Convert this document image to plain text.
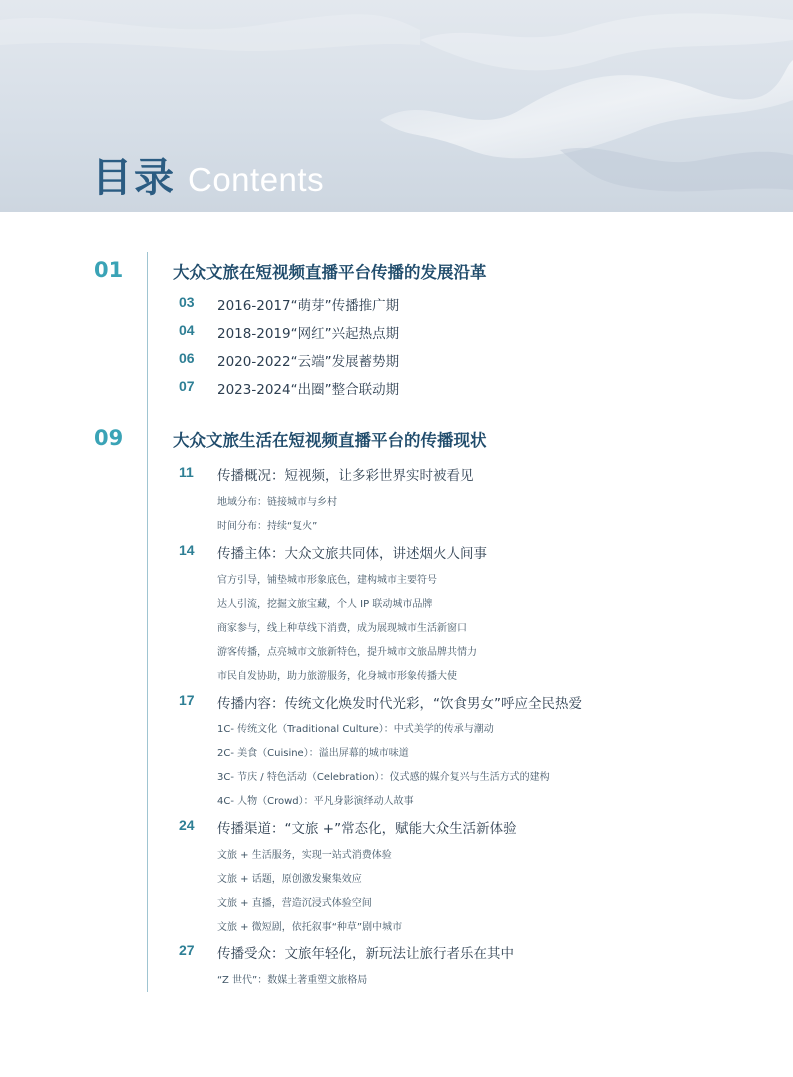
目录 Contents
01	大众文旅在短视频直播平台传播的发展沿革
03	2016-2017“萌芽”传播推广期
04	2018-2019“网红”兴起热点期
06	2020-2022“云端”发展蓄势期
07	2023-2024“出圈”整合联动期
09	大众文旅生活在短视频直播平台的传播现状
11	传播概况：短视频，让多彩世界实时被看见
地域分布：链接城市与乡村
时间分布：持续“复火”
14	传播主体：大众文旅共同体，讲述烟火人间事
官方引导，铺垫城市形象底色，建构城市主要符号
达人引流，挖掘文旅宝藏，个人 IP 联动城市品牌
商家参与，线上种草线下消费，成为展现城市生活新窗口
游客传播，点亮城市文旅新特色，提升城市文旅品牌共情力
市民自发协助，助力旅游服务，化身城市形象传播大使
17	传播内容：传统文化焕发时代光彩，“饮食男女”呼应全民热爱
1C- 传统文化（Traditional Culture）：中式美学的传承与潮动
2C- 美食（Cuisine）：溢出屏幕的城市味道
3C- 节庆 / 特色活动（Celebration）：仪式感的媒介复兴与生活方式的建构
4C- 人物（Crowd）：平凡身影演绎动人故事
24	传播渠道：“文旅 +”常态化，赋能大众生活新体验
文旅 + 生活服务，实现一站式消费体验
文旅 + 话题，原创激发聚集效应
文旅 + 直播，营造沉浸式体验空间
文旅 + 微短剧，依托叙事“种草”剧中城市
27	传播受众：文旅年轻化，新玩法让旅行者乐在其中
“Z 世代”：数媒土著重塑文旅格局
